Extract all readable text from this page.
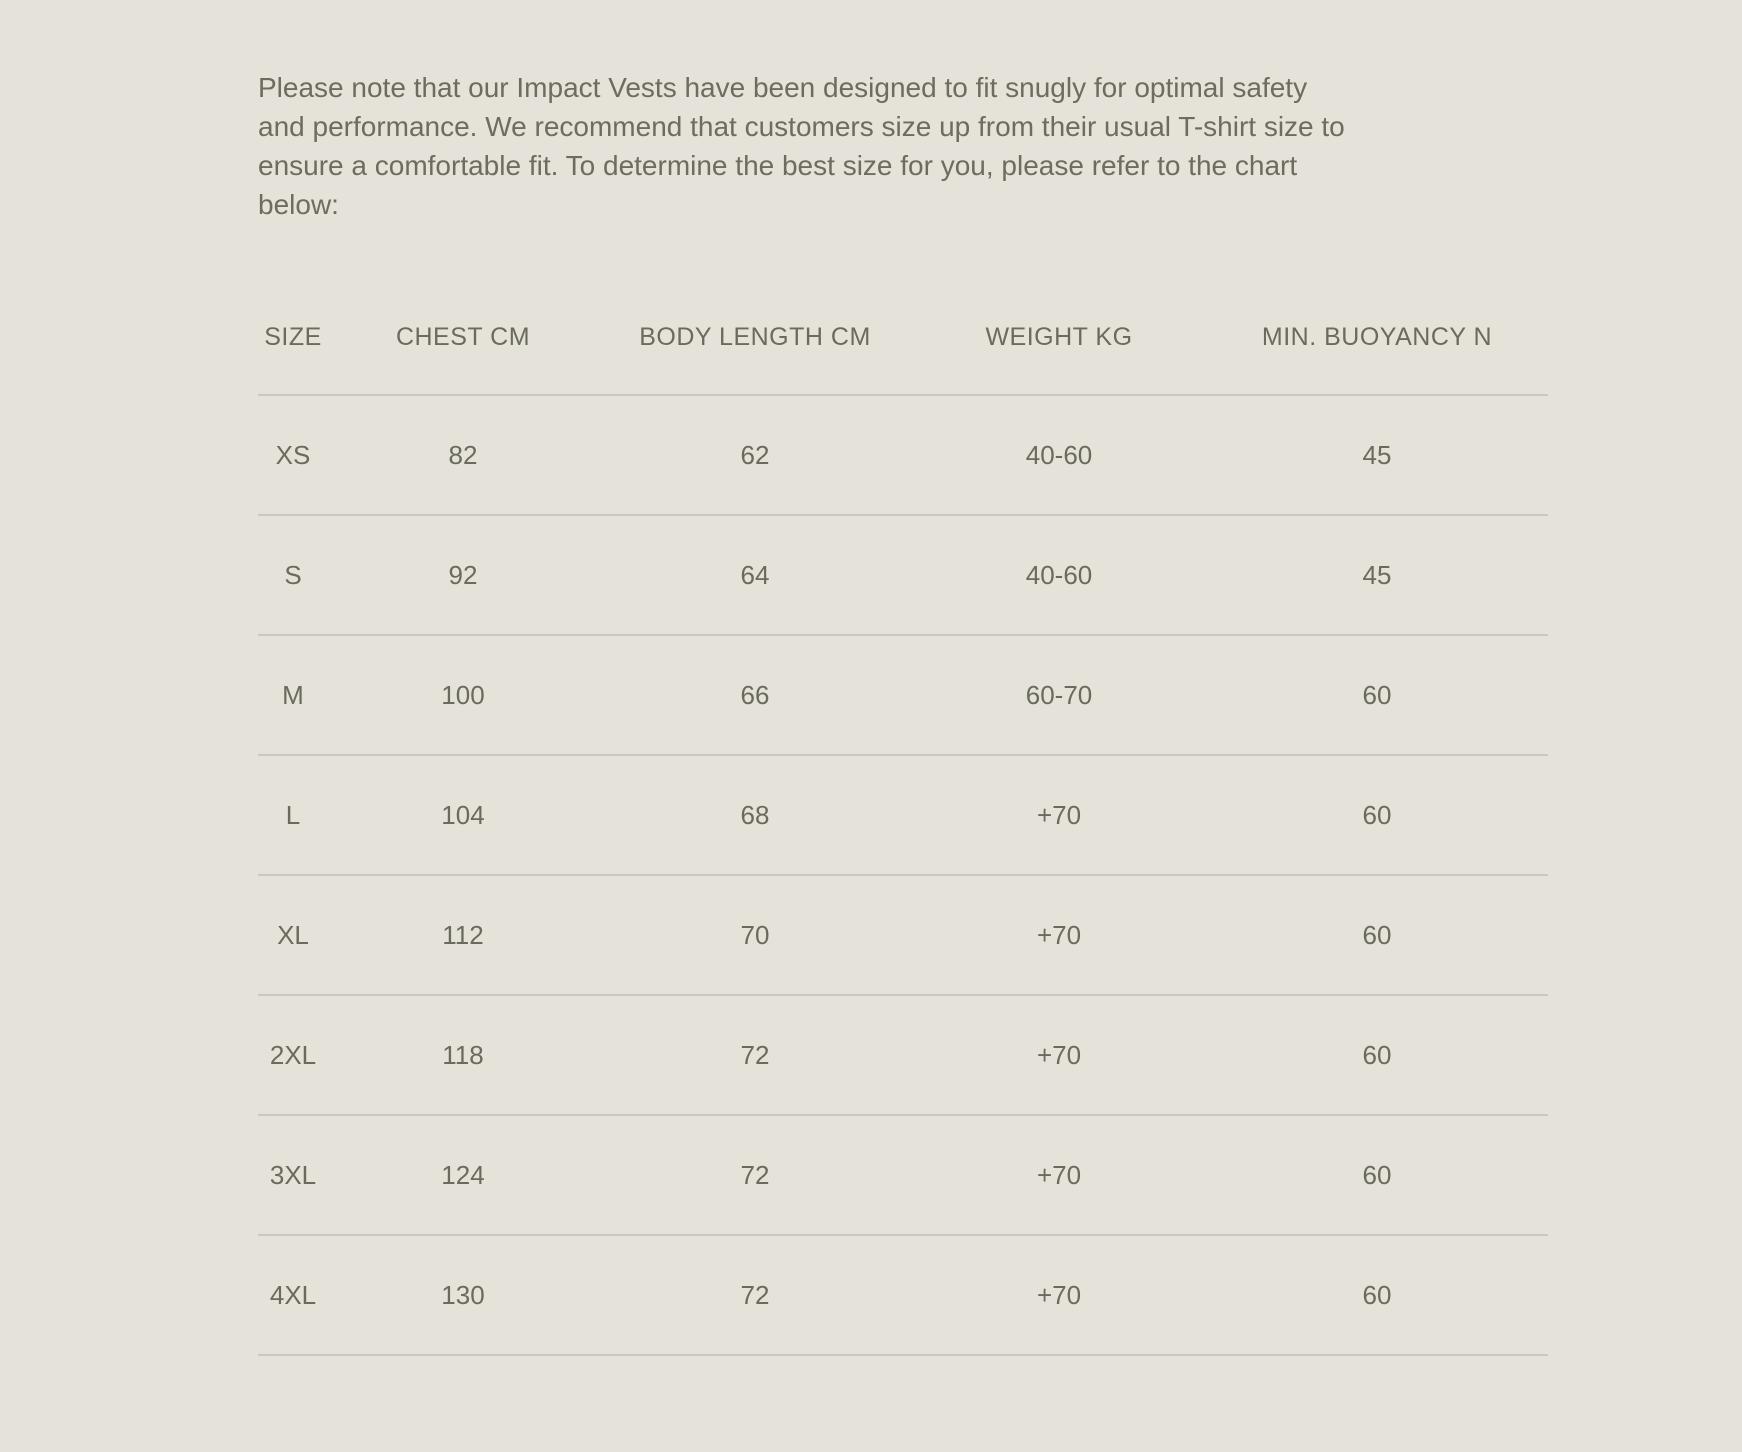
Please note that our Impact Vests have been designed to fit snugly for optimal safety
and performance. We recommend that customers size up from their usual T-shirt size to
ensure a comfortable fit. To determine the best size for you, please refer to the chart
below:
SIZE	CHEST CM	BODY LENGTH CM	WEIGHT KG	MIN. BUOYANCY N
XS	82	62	40-60	45
S	92	64	40-60	45
M	100	66	60-70	60
L	104	68	+70	60
XL	112	70	+70	60
2XL	118	72	+70	60
3XL	124	72	+70	60
4XL	130	72	+70	60
